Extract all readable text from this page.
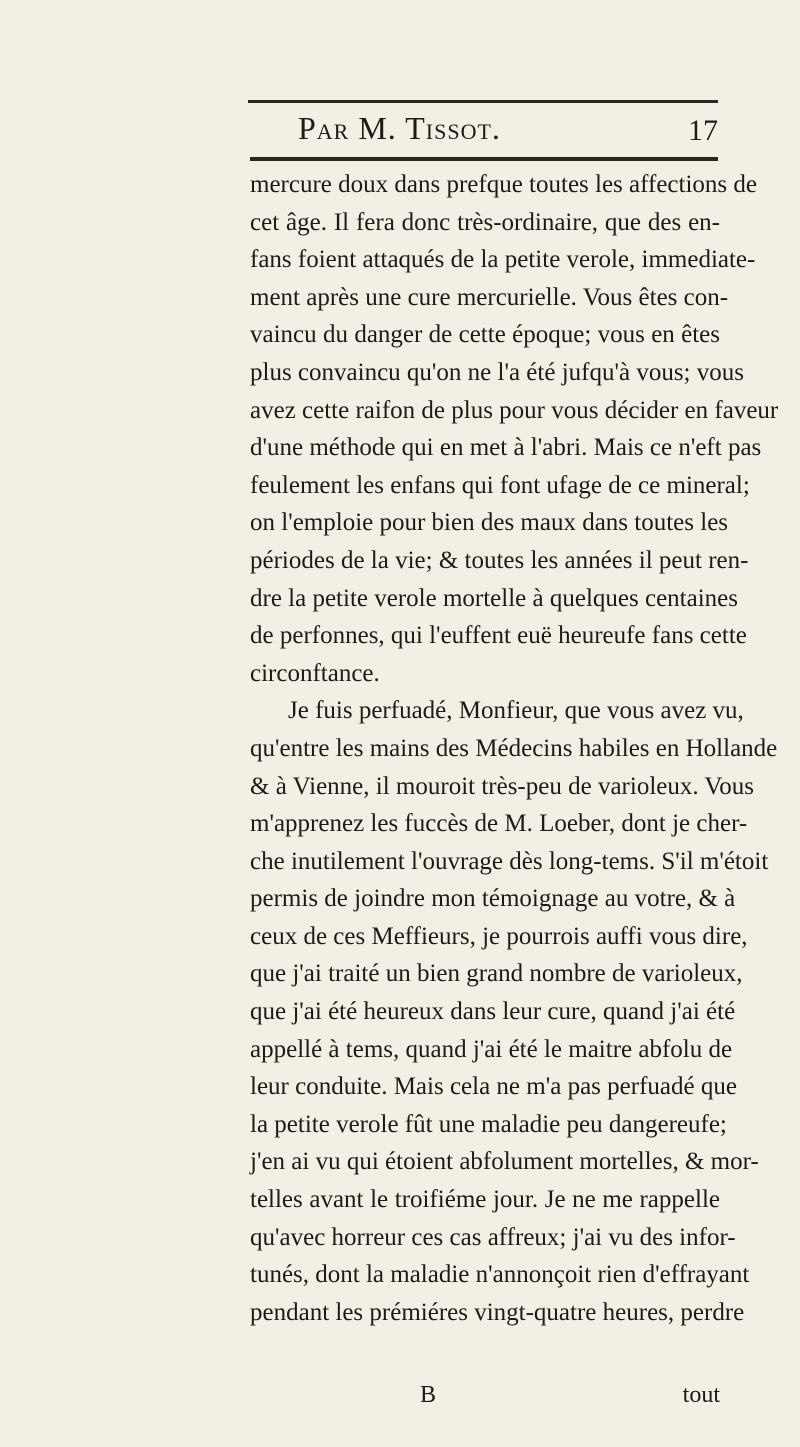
Par M. Tissot.	17
mercure doux dans prefque toutes les affections de
cet âge. Il fera donc très-ordinaire, que des en-
fans foient attaqués de la petite verole, immediate-
ment après une cure mercurielle. Vous êtes con-
vaincu du danger de cette époque; vous en êtes
plus convaincu qu'on ne l'a été jufqu'à vous; vous
avez cette raifon de plus pour vous décider en faveur
d'une méthode qui en met à l'abri. Mais ce n'eft pas
feulement les enfans qui font ufage de ce mineral;
on l'emploie pour bien des maux dans toutes les
périodes de la vie; & toutes les années il peut ren-
dre la petite verole mortelle à quelques centaines
de perfonnes, qui l'euffent euë heureufe fans cette
circonftance.
Je fuis perfuadé, Monfieur, que vous avez vu,
qu'entre les mains des Médecins habiles en Hollande
& à Vienne, il mouroit très-peu de varioleux. Vous
m'apprenez les fuccès de M. Loeber, dont je cher-
che inutilement l'ouvrage dès long-tems. S'il m'étoit
permis de joindre mon témoignage au votre, & à
ceux de ces Meffieurs, je pourrois auffi vous dire,
que j'ai traité un bien grand nombre de varioleux,
que j'ai été heureux dans leur cure, quand j'ai été
appellé à tems, quand j'ai été le maitre abfolu de
leur conduite. Mais cela ne m'a pas perfuadé que
la petite verole fût une maladie peu dangereufe;
j'en ai vu qui étoient abfolument mortelles, & mor-
telles avant le troifiéme jour. Je ne me rappelle
qu'avec horreur ces cas affreux; j'ai vu des infor-
tunés, dont la maladie n'annonçoit rien d'effrayant
pendant les prémiéres vingt-quatre heures, perdre
B	tout
